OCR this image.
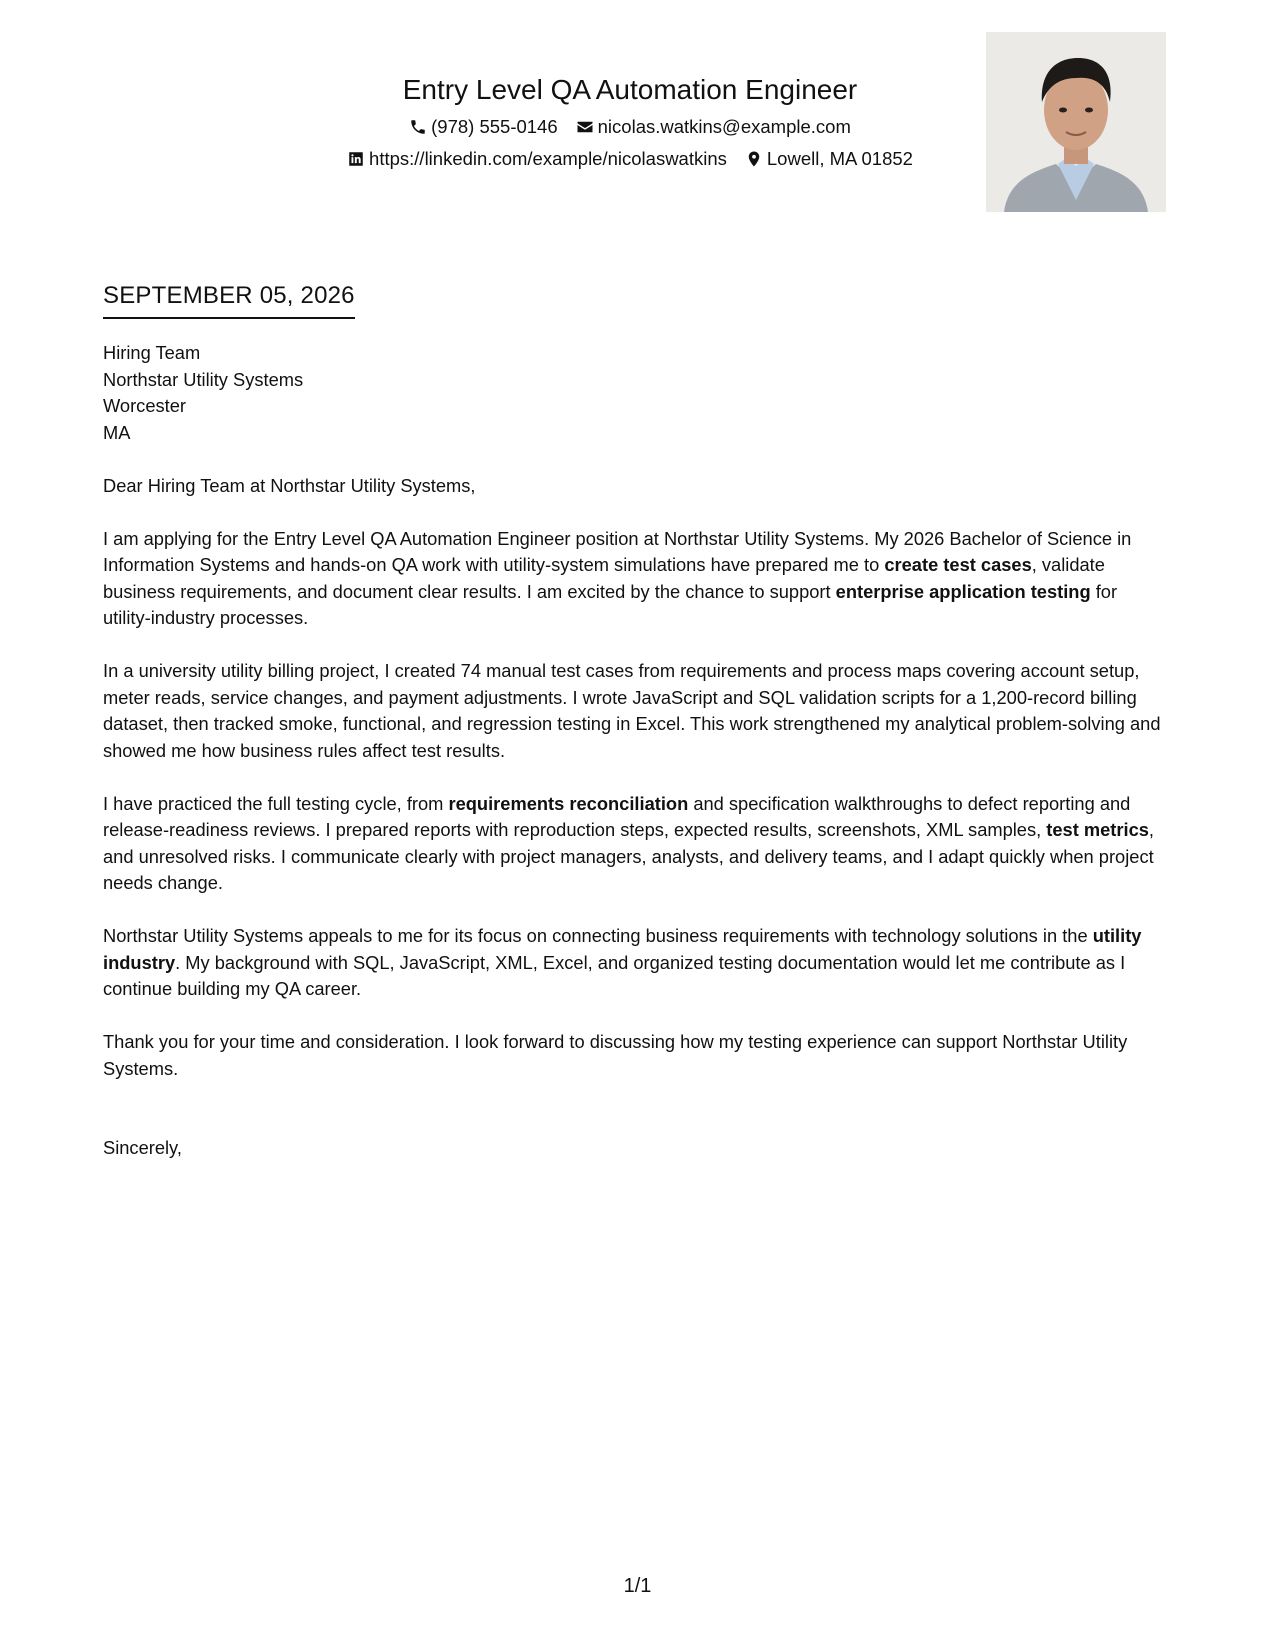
Entry Level QA Automation Engineer
(978) 555-0146 nicolas.watkins@example.com
https://linkedin.com/example/nicolaswatkins Lowell, MA 01852
SEPTEMBER 05, 2026
Hiring Team
Northstar Utility Systems
Worcester
MA

Dear Hiring Team at Northstar Utility Systems,

I am applying for the Entry Level QA Automation Engineer position at Northstar Utility Systems. My 2026 Bachelor of Science in Information Systems and hands-on QA work with utility-system simulations have prepared me to create test cases, validate business requirements, and document clear results. I am excited by the chance to support enterprise application testing for utility-industry processes.

In a university utility billing project, I created 74 manual test cases from requirements and process maps covering account setup, meter reads, service changes, and payment adjustments. I wrote JavaScript and SQL validation scripts for a 1,200-record billing dataset, then tracked smoke, functional, and regression testing in Excel. This work strengthened my analytical problem-solving and showed me how business rules affect test results.

I have practiced the full testing cycle, from requirements reconciliation and specification walkthroughs to defect reporting and release-readiness reviews. I prepared reports with reproduction steps, expected results, screenshots, XML samples, test metrics, and unresolved risks. I communicate clearly with project managers, analysts, and delivery teams, and I adapt quickly when project needs change.

Northstar Utility Systems appeals to me for its focus on connecting business requirements with technology solutions in the utility industry. My background with SQL, JavaScript, XML, Excel, and organized testing documentation would let me contribute as I continue building my QA career.

Thank you for your time and consideration. I look forward to discussing how my testing experience can support Northstar Utility Systems.

Sincerely,

1/1
